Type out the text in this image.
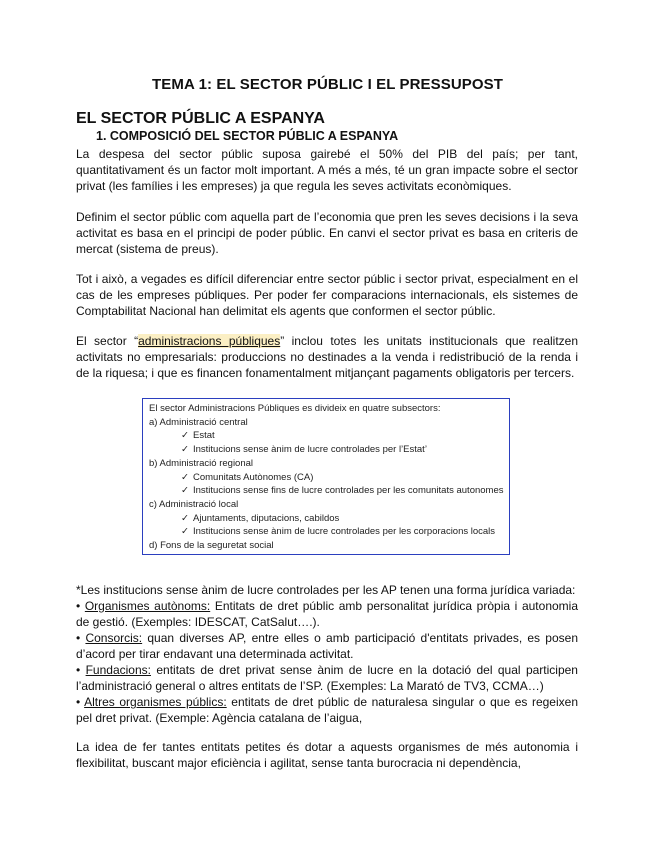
TEMA 1: EL SECTOR PÚBLIC I EL PRESSUPOST
EL SECTOR PÚBLIC A ESPANYA
1. COMPOSICIÓ DEL SECTOR PÚBLIC A ESPANYA

La despesa del sector públic suposa gairebé el 50% del PIB del país; per tant, quantitativament és un factor molt important. A més a més, té un gran impacte sobre el sector privat (les famílies i les empreses) ja que regula les seves activitats econòmiques.

Definim el sector públic com aquella part de l’economia que pren les seves decisions i la seva activitat es basa en el principi de poder públic. En canvi el sector privat es basa en criteris de mercat (sistema de preus).

Tot i això, a vegades es difícil diferenciar entre sector públic i sector privat, especialment en el cas de les empreses públiques. Per poder fer comparacions internacionals, els sistemes de Comptabilitat Nacional han delimitat els agents que conformen el sector públic.

El sector “administracions públiques” inclou totes les unitats institucionals que realitzen activitats no empresarials: produccions no destinades a la venda i redistribució de la renda i de la riquesa; i que es financen fonamentalment mitjançant pagaments obligatoris per tercers.

El sector Administracions Públiques es divideix en quatre subsectors:
a) Administració central
✓ Estat
✓ Institucions sense ànim de lucre controlades per l’Estat’
b) Administració regional
✓ Comunitats Autònomes (CA)
✓ Institucions sense fins de lucre controlades per les comunitats autonomes
c) Administració local
✓ Ajuntaments, diputacions, cabildos
✓ Institucions sense ànim de lucre controlades per les corporacions locals
d) Fons de la seguretat social

*Les institucions sense ànim de lucre controlades per les AP tenen una forma jurídica variada:

• Organismes autònoms: Entitats de dret públic amb personalitat jurídica pròpia i autonomia de gestió. (Exemples: IDESCAT, CatSalut….).

• Consorcis: quan diverses AP, entre elles o amb participació d'entitats privades, es posen d’acord per tirar endavant una determinada activitat.

• Fundacions: entitats de dret privat sense ànim de lucre en la dotació del qual participen l’administració general o altres entitats de l’SP. (Exemples: La Marató de TV3, CCMA…)

• Altres organismes públics: entitats de dret públic de naturalesa singular o que es regeixen pel dret privat. (Exemple: Agència catalana de l’aigua,

La idea de fer tantes entitats petites és dotar a aquests organismes de més autonomia i flexibilitat, buscant major eficiència i agilitat, sense tanta burocracia ni dependència,
